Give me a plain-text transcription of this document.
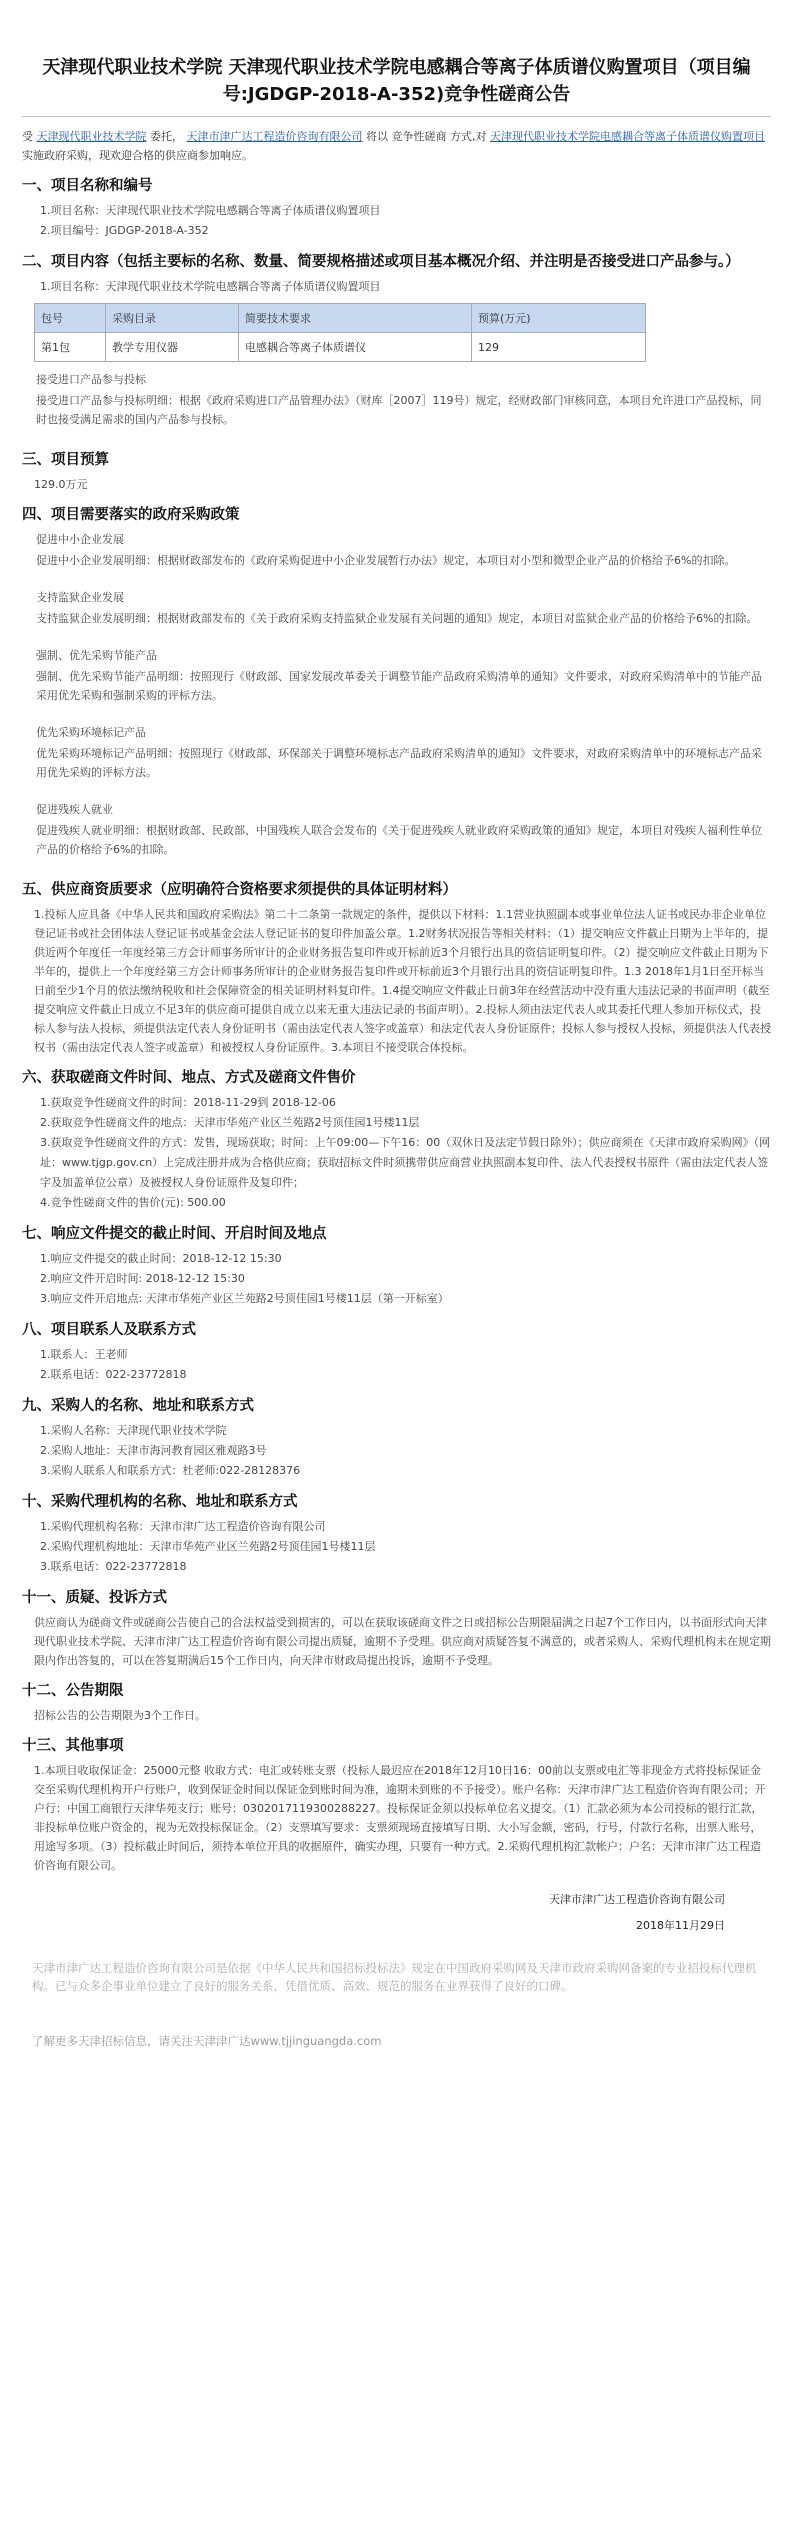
天津现代职业技术学院 天津现代职业技术学院电感耦合等离子体质谱仪购置项目（项目编号:JGDGP-2018-A-352)竞争性磋商公告
受 天津现代职业技术学院 委托， 天津市津广达工程造价咨询有限公司 将以 竞争性磋商 方式,对 天津现代职业技术学院电感耦合等离子体质谱仪购置项目 实施政府采购，现欢迎合格的供应商参加响应。
一、项目名称和编号

1.项目名称：天津现代职业技术学院电感耦合等离子体质谱仪购置项目

2.项目编号：JGDGP-2018-A-352

二、项目内容（包括主要标的名称、数量、简要规格描述或项目基本概况介绍、并注明是否接受进口产品参与。）

1.项目名称：天津现代职业技术学院电感耦合等离子体质谱仪购置项目

包号	采购目录	简要技术要求	预算(万元)
第1包	教学专用仪器	电感耦合等离子体质谱仪	129

接受进口产品参与投标

接受进口产品参与投标明细：根据《政府采购进口产品管理办法》（财库［2007］119号）规定，经财政部门审核同意，本项目允许进口产品投标，同时也接受满足需求的国内产品参与投标。

三、项目预算

129.0万元

四、项目需要落实的政府采购政策

促进中小企业发展

促进中小企业发展明细：根据财政部发布的《政府采购促进中小企业发展暂行办法》规定，本项目对小型和微型企业产品的价格给予6%的扣除。

支持监狱企业发展

支持监狱企业发展明细：根据财政部发布的《关于政府采购支持监狱企业发展有关问题的通知》规定，本项目对监狱企业产品的价格给予6%的扣除。

强制、优先采购节能产品

强制、优先采购节能产品明细：按照现行《财政部、国家发展改革委关于调整节能产品政府采购清单的通知》文件要求，对政府采购清单中的节能产品采用优先采购和强制采购的评标方法。

优先采购环境标记产品

优先采购环境标记产品明细：按照现行《财政部、环保部关于调整环境标志产品政府采购清单的通知》文件要求，对政府采购清单中的环境标志产品采用优先采购的评标方法。

促进残疾人就业

促进残疾人就业明细：根据财政部、民政部、中国残疾人联合会发布的《关于促进残疾人就业政府采购政策的通知》规定，本项目对残疾人福利性单位产品的价格给予6%的扣除。

五、供应商资质要求（应明确符合资格要求须提供的具体证明材料）

1.投标人应具备《中华人民共和国政府采购法》第二十二条第一款规定的条件，提供以下材料：1.1营业执照副本或事业单位法人证书或民办非企业单位登记证书或社会团体法人登记证书或基金会法人登记证书的复印件加盖公章。1.2财务状况报告等相关材料：（1）提交响应文件截止日期为上半年的，提供近两个年度任一年度经第三方会计师事务所审计的企业财务报告复印件或开标前近3个月银行出具的资信证明复印件。（2）提交响应文件截止日期为下半年的，提供上一个年度经第三方会计师事务所审计的企业财务报告复印件或开标前近3个月银行出具的资信证明复印件。1.3 2018年1月1日至开标当日前至少1个月的依法缴纳税收和社会保障资金的相关证明材料复印件。1.4提交响应文件截止日前3年在经营活动中没有重大违法记录的书面声明（截至提交响应文件截止日成立不足3年的供应商可提供自成立以来无重大违法记录的书面声明）。2.投标人须由法定代表人或其委托代理人参加开标仪式，投标人参与法人投标，须提供法定代表人身份证明书（需由法定代表人签字或盖章）和法定代表人身份证原件；投标人参与授权人投标，须提供法人代表授权书（需由法定代表人签字或盖章）和被授权人身份证原件。3.本项目不接受联合体投标。

六、获取磋商文件时间、地点、方式及磋商文件售价

1.获取竞争性磋商文件的时间：2018-11-29到 2018-12-06

2.获取竞争性磋商文件的地点：天津市华苑产业区兰苑路2号顶佳园1号楼11层

3.获取竞争性磋商文件的方式：发售，现场获取；时间：上午09:00—下午16：00（双休日及法定节假日除外）；供应商须在《天津市政府采购网》（网址：www.tjgp.gov.cn）上完成注册并成为合格供应商；获取招标文件时须携带供应商营业执照副本复印件、法人代表授权书原件（需由法定代表人签字及加盖单位公章）及被授权人身份证原件及复印件；

4.竞争性磋商文件的售价(元): 500.00

七、响应文件提交的截止时间、开启时间及地点

1.响应文件提交的截止时间：2018-12-12 15:30

2.响应文件开启时间: 2018-12-12 15:30

3.响应文件开启地点: 天津市华苑产业区兰苑路2号顶佳园1号楼11层（第一开标室）

八、项目联系人及联系方式

1.联系人：王老师

2.联系电话：022-23772818

九、采购人的名称、地址和联系方式

1.采购人名称：天津现代职业技术学院

2.采购人地址：天津市海河教育园区雅观路3号

3.采购人联系人和联系方式：杜老师:022-28128376

十、采购代理机构的名称、地址和联系方式

1.采购代理机构名称：天津市津广达工程造价咨询有限公司

2.采购代理机构地址：天津市华苑产业区兰苑路2号顶佳园1号楼11层

3.联系电话：022-23772818

十一、质疑、投诉方式

供应商认为磋商文件或磋商公告使自己的合法权益受到损害的，可以在获取该磋商文件之日或招标公告期限届满之日起7个工作日内，以书面形式向天津现代职业技术学院、天津市津广达工程造价咨询有限公司提出质疑，逾期不予受理。供应商对质疑答复不满意的，或者采购人、采购代理机构未在规定期限内作出答复的，可以在答复期满后15个工作日内，向天津市财政局提出投诉，逾期不予受理。

十二、公告期限

招标公告的公告期限为3个工作日。

十三、其他事项

1.本项目收取保证金：25000元整 收取方式：电汇或转账支票（投标人最迟应在2018年12月10日16：00前以支票或电汇等非现金方式将投标保证金交至采购代理机构开户行账户，收到保证金时间以保证金到账时间为准，逾期未到账的不予接受）。账户名称：天津市津广达工程造价咨询有限公司；开户行：中国工商银行天津华苑支行；账号：0302017119300288227。投标保证金须以投标单位名义提交。（1）汇款必须为本公司投标的银行汇款，非投标单位账户资金的，视为无效投标保证金。（2）支票填写要求：支票须现场直接填写日期、大小写金额，密码，行号，付款行名称，出票人账号，用途写多项。（3）投标截止时间后，须持本单位开具的收据原件，确实办理，只要有一种方式。2.采购代理机构汇款帐户：户名：天津市津广达工程造价咨询有限公司。

天津市津广达工程造价咨询有限公司
2018年11月29日
天津市津广达工程造价咨询有限公司是依据《中华人民共和国招标投标法》规定在中国政府采购网及天津市政府采购网备案的专业招投标代理机构。已与众多企事业单位建立了良好的服务关系，凭借优质、高效、规范的服务在业界获得了良好的口碑。
了解更多天津招标信息，请关注天津津广达www.tjjinguangda.com
